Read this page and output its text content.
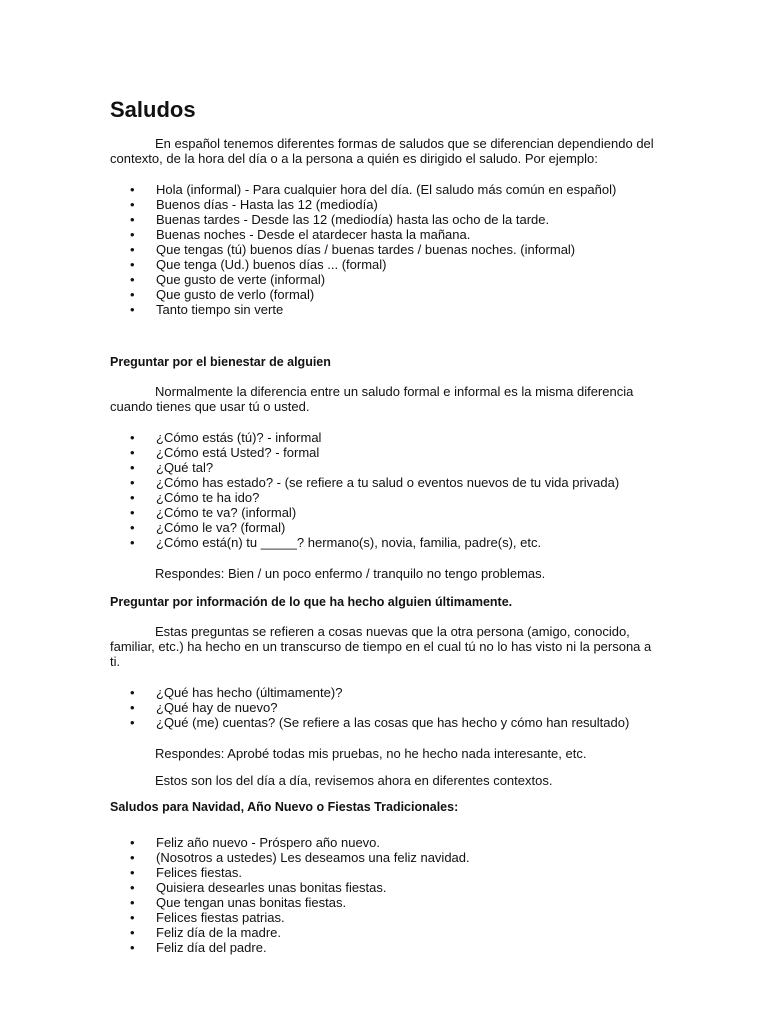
Saludos

En español tenemos diferentes formas de saludos que se diferencian dependiendo del contexto, de la hora del día o a la persona a quién es dirigido el saludo. Por ejemplo:

• Hola (informal) - Para cualquier hora del día. (El saludo más común en español)
• Buenos días - Hasta las 12 (mediodía)
• Buenas tardes - Desde las 12 (mediodía) hasta las ocho de la tarde.
• Buenas noches - Desde el atardecer hasta la mañana.
• Que tengas (tú) buenos días / buenas tardes / buenas noches. (informal)
• Que tenga (Ud.) buenos días ... (formal)
• Que gusto de verte (informal)
• Que gusto de verlo (formal)
• Tanto tiempo sin verte
Preguntar por el bienestar de alguien

Normalmente la diferencia entre un saludo formal e informal es la misma diferencia cuando tienes que usar tú o usted.

• ¿Cómo estás (tú)? - informal
• ¿Cómo está Usted? - formal
• ¿Qué tal?
• ¿Cómo has estado? - (se refiere a tu salud o eventos nuevos de tu vida privada)
• ¿Cómo te ha ido?
• ¿Cómo te va? (informal)
• ¿Cómo le va? (formal)
• ¿Cómo está(n) tu _____? hermano(s), novia, familia, padre(s), etc.

Respondes: Bien / un poco enfermo / tranquilo no tengo problemas.

Preguntar por información de lo que ha hecho alguien últimamente.

Estas preguntas se refieren a cosas nuevas que la otra persona (amigo, conocido, familiar, etc.) ha hecho en un transcurso de tiempo en el cual tú no lo has visto ni la persona a ti.

• ¿Qué has hecho (últimamente)?
• ¿Qué hay de nuevo?
• ¿Qué (me) cuentas? (Se refiere a las cosas que has hecho y cómo han resultado)

Respondes: Aprobé todas mis pruebas, no he hecho nada interesante, etc.

Estos son los del día a día, revisemos ahora en diferentes contextos.

Saludos para Navidad, Año Nuevo o Fiestas Tradicionales:
• Feliz año nuevo - Próspero año nuevo.
• (Nosotros a ustedes) Les deseamos una feliz navidad.
• Felices fiestas.
• Quisiera desearles unas bonitas fiestas.
• Que tengan unas bonitas fiestas.
• Felices fiestas patrias.
• Feliz día de la madre.
• Feliz día del padre.
